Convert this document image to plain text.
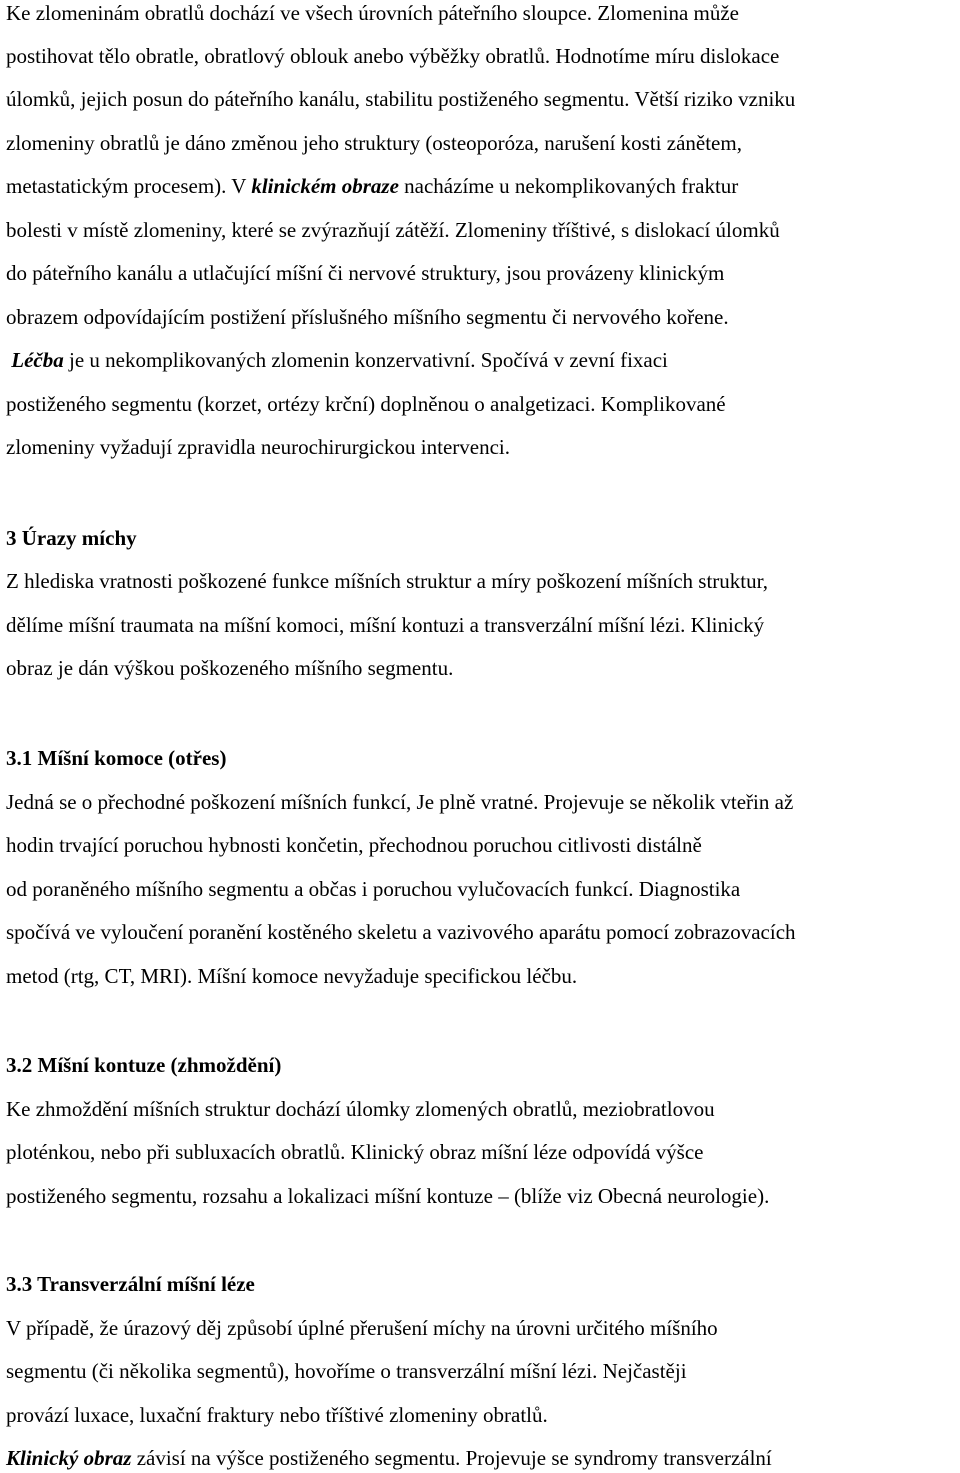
Ke zlomeninám obratlů dochází ve všech úrovních páteřního sloupce. Zlomenina může
postihovat tělo obratle, obratlový oblouk anebo výběžky obratlů. Hodnotíme míru dislokace
úlomků, jejich posun do páteřního kanálu, stabilitu postiženého segmentu. Větší riziko vzniku
zlomeniny obratlů je dáno změnou jeho struktury (osteoporóza, narušení kosti zánětem,
metastatickým procesem). V klinickém obraze nacházíme u nekomplikovaných fraktur
bolesti v místě zlomeniny, které se zvýrazňují zátěží. Zlomeniny tříštivé, s dislokací úlomků
do páteřního kanálu a utlačující míšní či nervové struktury, jsou provázeny klinickým
obrazem odpovídajícím postižení příslušného míšního segmentu či nervového kořene.
Léčba je u nekomplikovaných zlomenin konzervativní. Spočívá v zevní fixaci
postiženého segmentu (korzet, ortézy krční) doplněnou o analgetizaci. Komplikované
zlomeniny vyžadují zpravidla neurochirurgickou intervenci.
3 Úrazy míchy
Z hlediska vratnosti poškozené funkce míšních struktur a míry poškození míšních struktur,
dělíme míšní traumata na míšní komoci, míšní kontuzi a transverzální míšní lézi. Klinický
obraz je dán výškou poškozeného míšního segmentu.
3.1 Míšní komoce (otřes)
Jedná se o přechodné poškození míšních funkcí, Je plně vratné. Projevuje se několik vteřin až
hodin trvající poruchou hybnosti končetin, přechodnou poruchou citlivosti distálně
od poraněného míšního segmentu a občas i poruchou vylučovacích funkcí. Diagnostika
spočívá ve vyloučení poranění kostěného skeletu a vazivového aparátu pomocí zobrazovacích
metod (rtg, CT, MRI). Míšní komoce nevyžaduje specifickou léčbu.
3.2 Míšní kontuze (zhmoždění)
Ke zhmoždění míšních struktur dochází úlomky zlomených obratlů, meziobratlovou
ploténkou, nebo při subluxacích obratlů. Klinický obraz míšní léze odpovídá výšce
postiženého segmentu, rozsahu a lokalizaci míšní kontuze – (blíže viz Obecná neurologie).
3.3 Transverzální míšní léze
V případě, že úrazový děj způsobí úplné přerušení míchy na úrovni určitého míšního
segmentu (či několika segmentů), hovoříme o transverzální míšní lézi. Nejčastěji
provází luxace, luxační fraktury nebo tříštivé zlomeniny obratlů.
Klinický obraz závisí na výšce postiženého segmentu. Projevuje se syndromy transverzální
